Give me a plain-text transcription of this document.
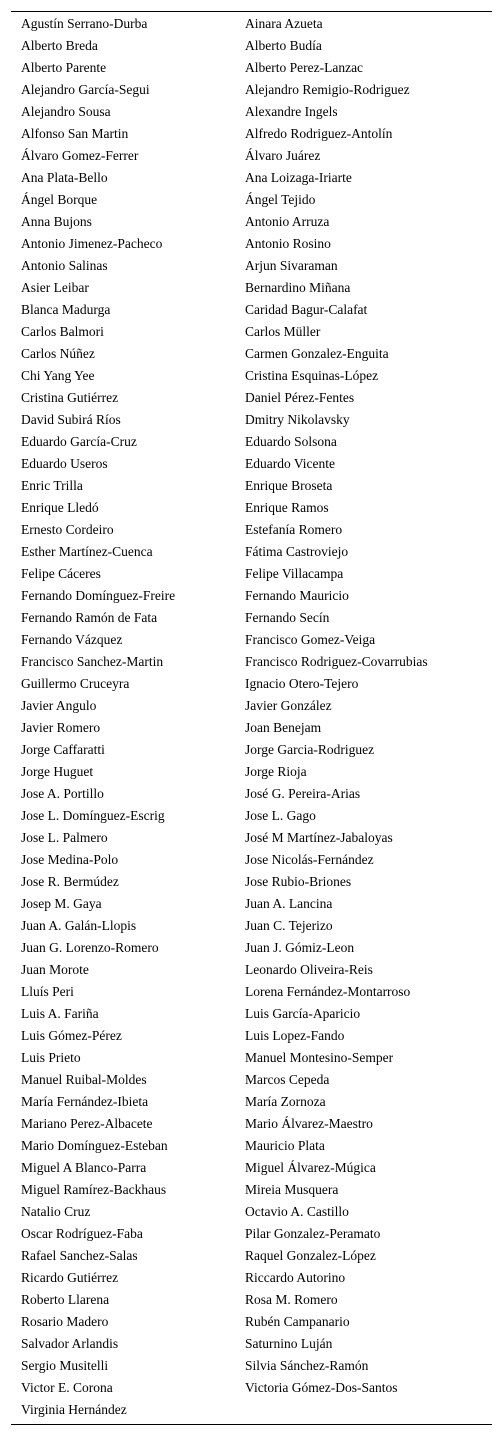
Agustín Serrano-Durba	Ainara Azueta
Alberto Breda	Alberto Budía
Alberto Parente	Alberto Perez-Lanzac
Alejandro García-Segui	Alejandro Remigio-Rodriguez
Alejandro Sousa	Alexandre Ingels
Alfonso San Martin	Alfredo Rodriguez-Antolín
Álvaro Gomez-Ferrer	Álvaro Juárez
Ana Plata-Bello	Ana Loizaga-Iriarte
Ángel Borque	Ángel Tejido
Anna Bujons	Antonio Arruza
Antonio Jimenez-Pacheco	Antonio Rosino
Antonio Salinas	Arjun Sivaraman
Asier Leibar	Bernardino Miñana
Blanca Madurga	Caridad Bagur-Calafat
Carlos Balmori	Carlos Müller
Carlos Núñez	Carmen Gonzalez-Enguita
Chi Yang Yee	Cristina Esquinas-López
Cristina Gutiérrez	Daniel Pérez-Fentes
David Subirá Ríos	Dmitry Nikolavsky
Eduardo García-Cruz	Eduardo Solsona
Eduardo Useros	Eduardo Vicente
Enric Trilla	Enrique Broseta
Enrique Lledó	Enrique Ramos
Ernesto Cordeiro	Estefanía Romero
Esther Martínez-Cuenca	Fátima Castroviejo
Felipe Cáceres	Felipe Villacampa
Fernando Domínguez-Freire	Fernando Mauricio
Fernando Ramón de Fata	Fernando Secín
Fernando Vázquez	Francisco Gomez-Veiga
Francisco Sanchez-Martin	Francisco Rodriguez-Covarrubias
Guillermo Cruceyra	Ignacio Otero-Tejero
Javier Angulo	Javier González
Javier Romero	Joan Benejam
Jorge Caffaratti	Jorge Garcia-Rodriguez
Jorge Huguet	Jorge Rioja
Jose A. Portillo	José G. Pereira-Arias
Jose L. Domínguez-Escrig	Jose L. Gago
Jose L. Palmero	José M Martínez-Jabaloyas
Jose Medina-Polo	Jose Nicolás-Fernández
Jose R. Bermúdez	Jose Rubio-Briones
Josep M. Gaya	Juan A. Lancina
Juan A. Galán-Llopis	Juan C. Tejerizo
Juan G. Lorenzo-Romero	Juan J. Gómiz-Leon
Juan Morote	Leonardo Oliveira-Reis
Lluís Peri	Lorena Fernández-Montarroso
Luis A. Fariña	Luis García-Aparicio
Luis Gómez-Pérez	Luis Lopez-Fando
Luis Prieto	Manuel Montesino-Semper
Manuel Ruibal-Moldes	Marcos Cepeda
María Fernández-Ibieta	María Zornoza
Mariano Perez-Albacete	Mario Álvarez-Maestro
Mario Domínguez-Esteban	Mauricio Plata
Miguel A Blanco-Parra	Miguel Álvarez-Múgica
Miguel Ramírez-Backhaus	Mireia Musquera
Natalio Cruz	Octavio A. Castillo
Oscar Rodríguez-Faba	Pilar Gonzalez-Peramato
Rafael Sanchez-Salas	Raquel Gonzalez-López
Ricardo Gutiérrez	Riccardo Autorino
Roberto Llarena	Rosa M. Romero
Rosario Madero	Rubén Campanario
Salvador Arlandis	Saturnino Luján
Sergio Musitelli	Silvia Sánchez-Ramón
Victor E. Corona	Victoria Gómez-Dos-Santos
Virginia Hernández	
